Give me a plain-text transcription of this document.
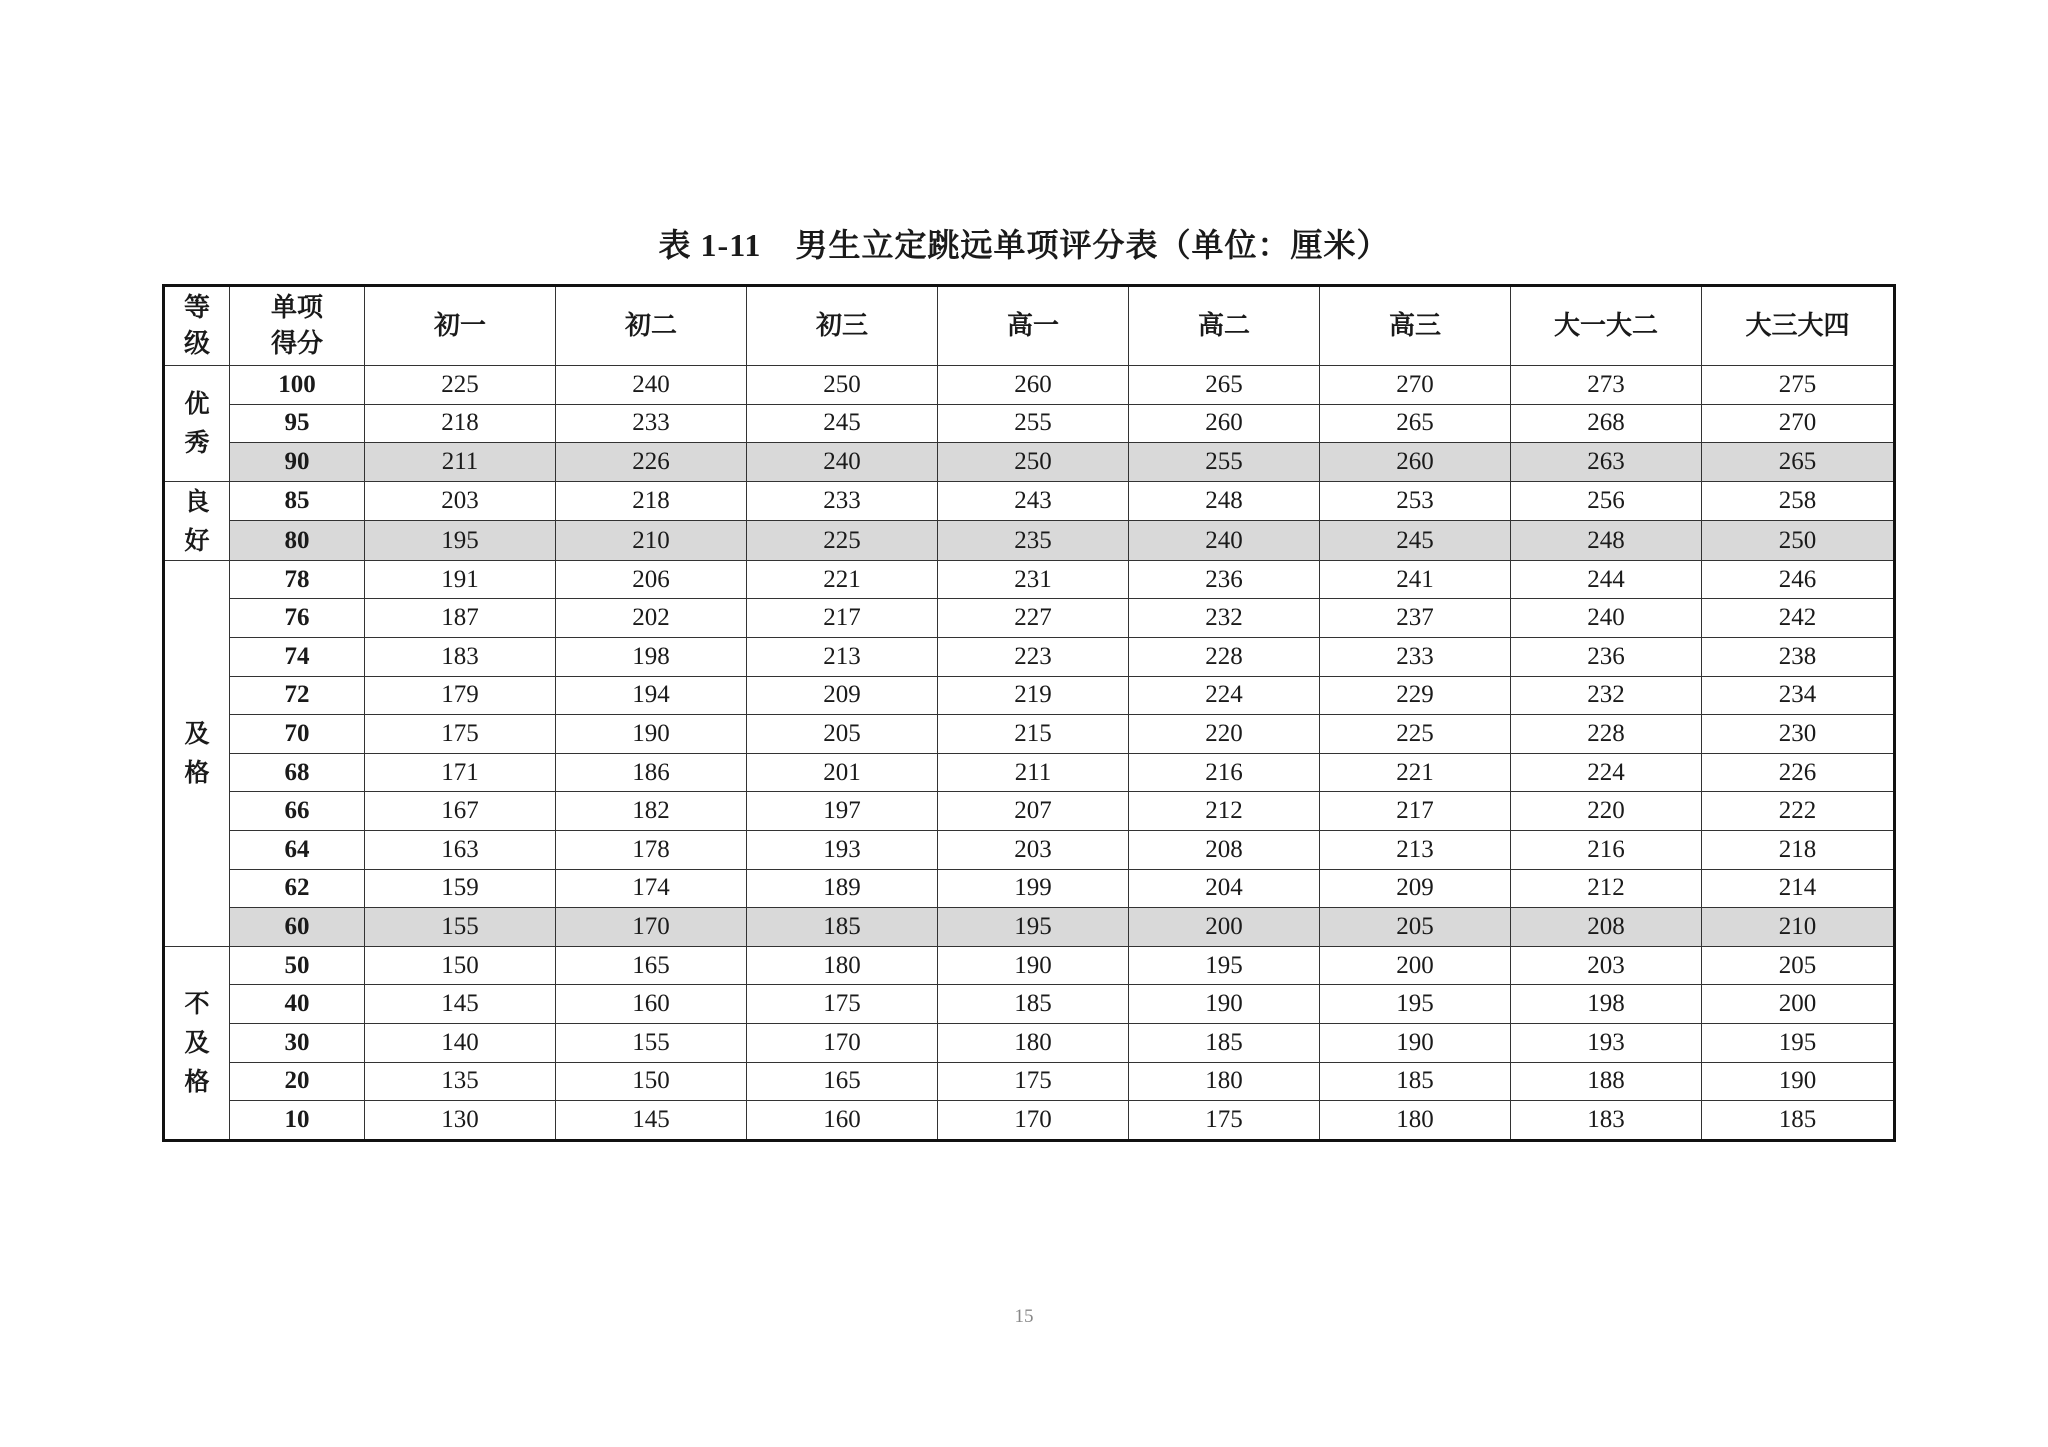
表 1-11 男生立定跳远单项评分表（单位：厘米）
等级	单项得分	初一	初二	初三	高一	高二	高三	大一大二	大三大四

优
秀	100	225	240	250	260	265	270	273	275
	95	218	233	245	255	260	265	268	270
	90	211	226	240	250	255	260	263	265

良
好	85	203	218	233	243	248	253	256	258
	80	195	210	225	235	240	245	248	250

及
格	78	191	206	221	231	236	241	244	246
	76	187	202	217	227	232	237	240	242
	74	183	198	213	223	228	233	236	238
	72	179	194	209	219	224	229	232	234
	70	175	190	205	215	220	225	228	230
	68	171	186	201	211	216	221	224	226
	66	167	182	197	207	212	217	220	222
	64	163	178	193	203	208	213	216	218
	62	159	174	189	199	204	209	212	214
	60	155	170	185	195	200	205	208	210

不
及
格	50	150	165	180	190	195	200	203	205
	40	145	160	175	185	190	195	198	200
	30	140	155	170	180	185	190	193	195
	20	135	150	165	175	180	185	188	190
	10	130	145	160	170	175	180	183	185
15
